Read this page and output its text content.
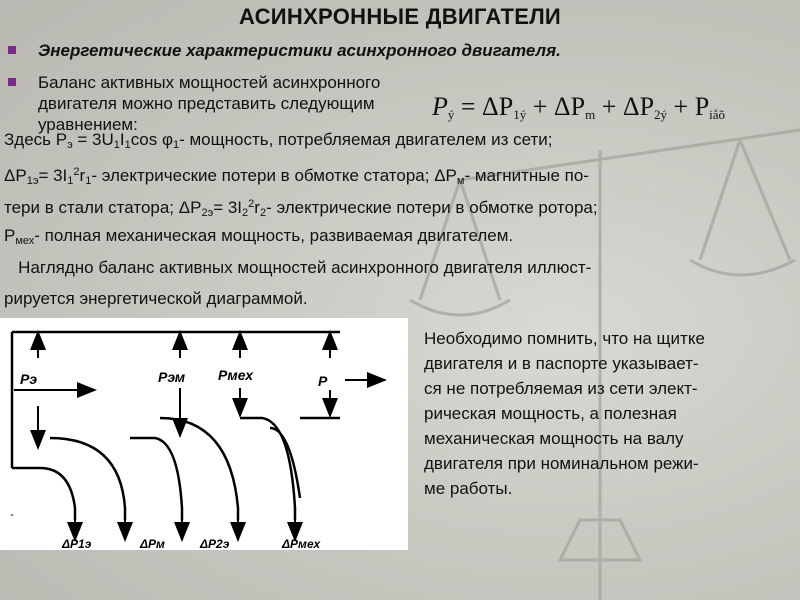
АСИНХРОННЫЕ ДВИГАТЕЛИ
Энергетические характеристики асинхронного двигателя.
Баланс активных мощностей асинхронного двигателя можно представить следующим уравнением:
$P_ý = \Delta P_{1ý} + \Delta P_m + \Delta P_{2ý} + P_{iåõ}$
Здесь $P_э = 3U_1I_1\cos$ $\varphi_1-$ мощность, потребляемая двигателем из сети;
$\Delta P_{1э}= 3I_1^2r_1-$ электрические потери в обмотке статора; $\Delta P_м-$ магнитные по-
тери в стали статора; $\Delta P_{2э}= 3I_2^2r_2-$ электрические потери в обмотке ротора;
$P_{мех}-$ полная механическая мощность, развиваемая двигателем.
Наглядно баланс активных мощностей асинхронного двигателя иллюст-
рируется энергетической диаграммой.
Pэ	Pэм Pмех	P
ΔP1э	ΔPм	ΔP2э	ΔPмех
-
Необходимо помнить, что на щитке
двигателя и в паспорте указывает-
ся не потребляемая из сети элект-
рическая мощность, а полезная
механическая мощность на валу
двигателя при номинальном режи-
ме работы.
